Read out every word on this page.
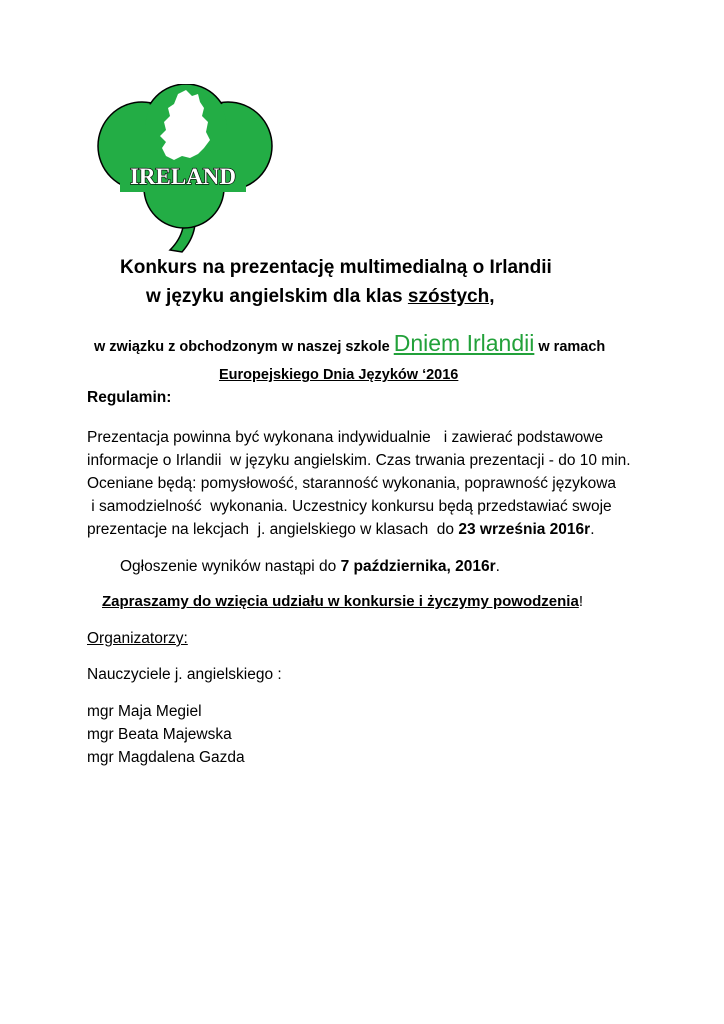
IRELAND
Konkurs na prezentację multimedialną o Irlandii
w języku angielskim dla klas szóstych,
w związku z obchodzonym w naszej szkole Dniem Irlandii w ramach
Europejskiego Dnia Języków ‘2016
Regulamin:
Prezentacja powinna być wykonana indywidualnie   i zawierać podstawowe
informacje o Irlandii  w języku angielskim. Czas trwania prezentacji - do 10 min.
Oceniane będą: pomysłowość, staranność wykonania, poprawność językowa
i samodzielność  wykonania. Uczestnicy konkursu będą przedstawiać swoje
prezentacje na lekcjach  j. angielskiego w klasach  do 23 września 2016r.
Ogłoszenie wyników nastąpi do 7 października, 2016r.
Zapraszamy do wzięcia udziału w konkursie i życzymy powodzenia!
Organizatorzy:
Nauczyciele j. angielskiego :
mgr Maja Megiel
mgr Beata Majewska
mgr Magdalena Gazda
